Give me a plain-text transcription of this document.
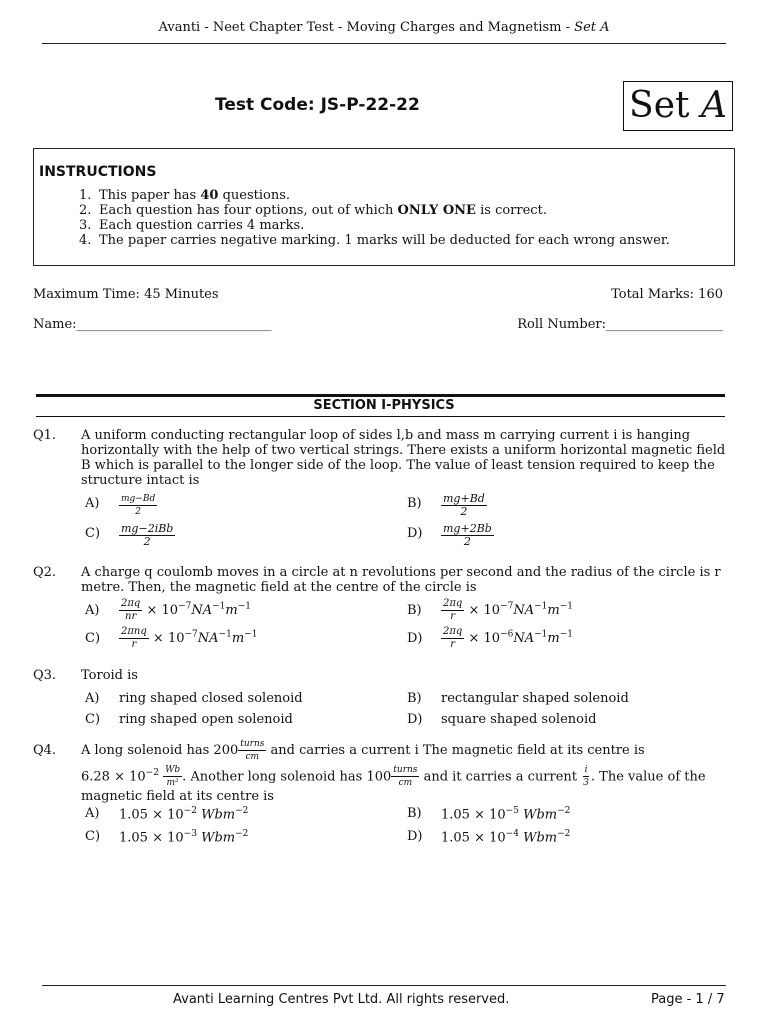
Avanti - Neet Chapter Test - Moving Charges and Magnetism - Set A
Test Code: JS-P-22-22	Set A
INSTRUCTIONS
1. This paper has 40 questions.
2. Each question has four options, out of which ONLY ONE is correct.
3. Each question carries 4 marks.
4. The paper carries negative marking. 1 marks will be deducted for each wrong answer.
Maximum Time: 45 Minutes	Total Marks: 160
Name:______________________________	Roll Number:__________________
SECTION I-PHYSICS
Q1. A uniform conducting rectangular loop of sides l,b and mass m carrying current i is hanging
horizontally with the help of two vertical strings. There exists a uniform horizontal magnetic field
B which is parallel to the longer side of the loop. The value of least tension required to keep the
structure intact is
$A) \frac{mg-Bd}{2}$	$B) \frac{mg+Bd}{2}$
$C) \frac{\text{mg−2iBb}}{2}$	$D) \frac{mg+2Bb}{2}$
Q2. A charge q coulomb moves in a circle at n revolutions per second and the radius of the circle is r
metre. Then, the magnetic field at the centre of the circle is
$A) \frac{2\pi q}{nr} \times 10^{-7}NA^{-1}m^{-1}$	$B) \frac{2\pi q}{r} \times 10^{-7}NA^{-1}m^{-1}$
$C) \frac{\text{2πnq}}{r} \times 10^{-7}NA^{-1}m^{-1}$	$D) \frac{2\pi q}{r} \times 10^{-6}NA^{-1}m^{-1}$
Q3. Toroid is
A) ring shaped closed solenoid	B) rectangular shaped solenoid
C) ring shaped open solenoid	D) square shaped solenoid
Q4. A long solenoid has $200 \frac{\text{turns}}{cm}$ and carries a current i The magnetic field at its centre is
$6.28 \times 10^{-2} \frac{Wb}{\text{m²}}$ . Another long solenoid has $100 \frac{\text{turns}}{cm}$ and it carries a current $\frac{i}{3}$ . The value of the
magnetic field at its centre is
A) $1.05 \times 10^{-2}$ Wbm$^{-2}$	B) $1.05 \times 10^{-5}$ Wbm$^{-2}$
C) $1.05 \times 10^{-3}$ Wbm$^{-2}$	D) $1.05 \times 10^{-4}$ Wbm$^{-2}$
Avanti Learning Centres Pvt Ltd. All rights reserved.	Page - 1 / 7
